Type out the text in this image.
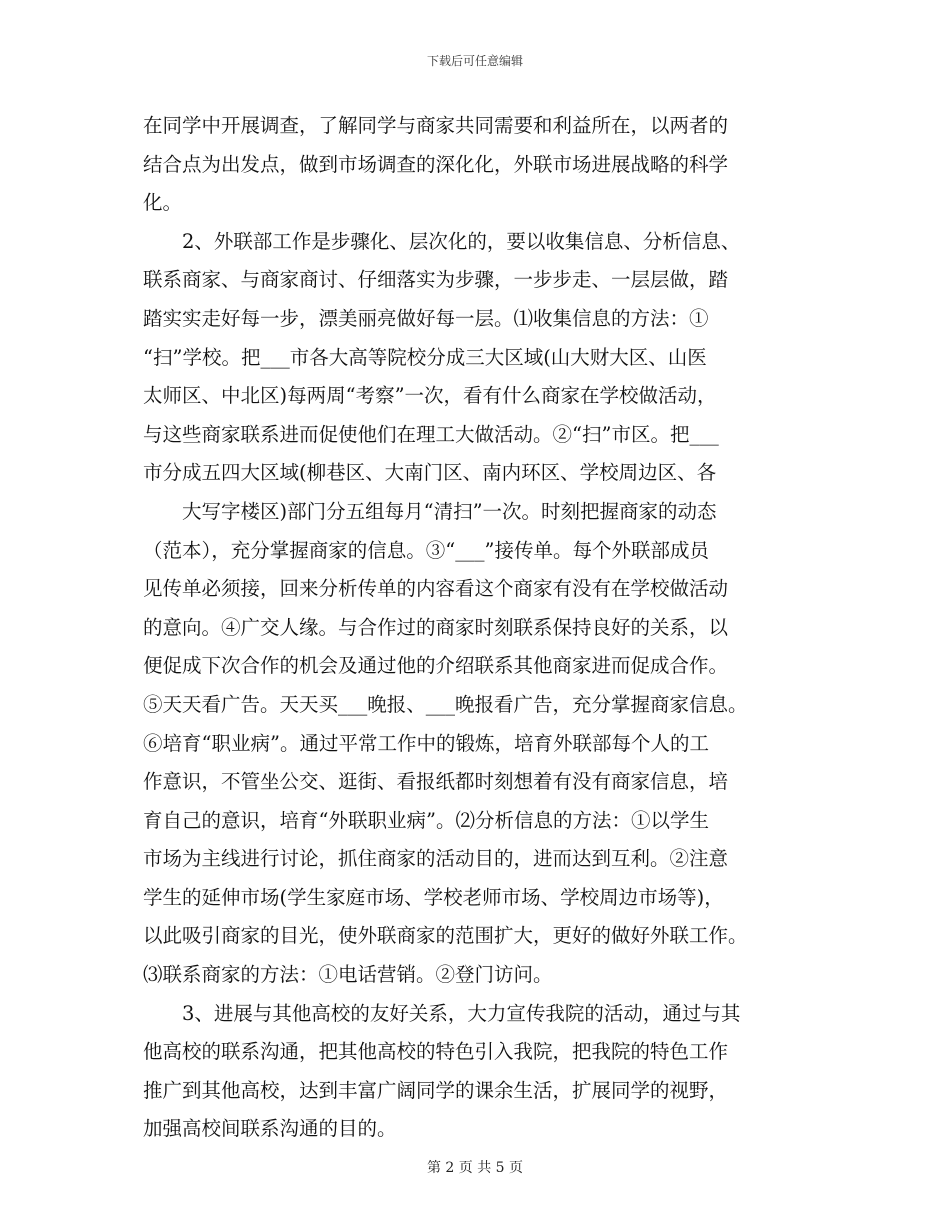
下载后可任意编辑
在同学中开展调查，了解同学与商家共同需要和利益所在，以两者的
结合点为出发点，做到市场调查的深化化，外联市场进展战略的科学
化。
2、外联部工作是步骤化、层次化的，要以收集信息、分析信息、
联系商家、与商家商讨、仔细落实为步骤，一步步走、一层层做，踏
踏实实走好每一步，漂美丽亮做好每一层。⑴收集信息的方法：①
“扫”学校。把___市各大高等院校分成三大区域(山大财大区、山医
太师区、中北区)每两周“考察”一次，看有什么商家在学校做活动，
与这些商家联系进而促使他们在理工大做活动。②“扫”市区。把___
市分成五四大区域(柳巷区、大南门区、南内环区、学校周边区、各
大写字楼区)部门分五组每月“清扫”一次。时刻把握商家的动态
（范本），充分掌握商家的信息。③“___”接传单。每个外联部成员
见传单必须接，回来分析传单的内容看这个商家有没有在学校做活动
的意向。④广交人缘。与合作过的商家时刻联系保持良好的关系，以
便促成下次合作的机会及通过他的介绍联系其他商家进而促成合作。
⑤天天看广告。天天买___晚报、___晚报看广告，充分掌握商家信息。
⑥培育“职业病”。通过平常工作中的锻炼，培育外联部每个人的工
作意识，不管坐公交、逛街、看报纸都时刻想着有没有商家信息，培
育自己的意识，培育“外联职业病”。⑵分析信息的方法：①以学生
市场为主线进行讨论，抓住商家的活动目的，进而达到互利。②注意
学生的延伸市场(学生家庭市场、学校老师市场、学校周边市场等)，
以此吸引商家的目光，使外联商家的范围扩大，更好的做好外联工作。
⑶联系商家的方法：①电话营销。②登门访问。
3、进展与其他高校的友好关系，大力宣传我院的活动，通过与其
他高校的联系沟通，把其他高校的特色引入我院，把我院的特色工作
推广到其他高校，达到丰富广阔同学的课余生活，扩展同学的视野，
加强高校间联系沟通的目的。
第 2 页 共 5 页
